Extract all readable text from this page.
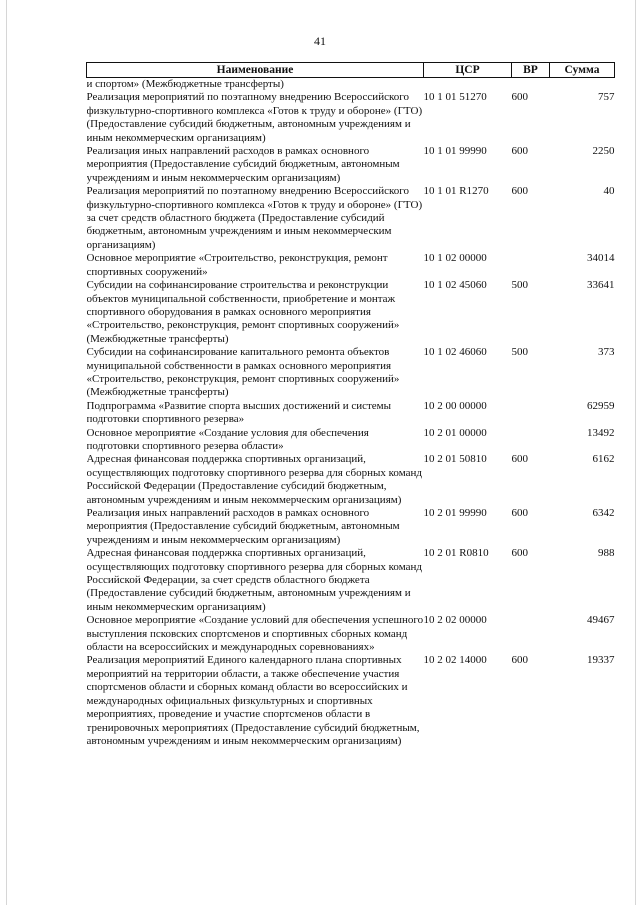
41
Наименование	ЦСР	ВР	Сумма
и спортом» (Межбюджетные трансферты)			
Реализация мероприятий по поэтапному внедрению Всероссийского физкультурно-спортивного комплекса «Готов к труду и обороне» (ГТО) (Предоставление субсидий бюджетным, автономным учреждениям и иным некоммерческим организациям)	10 1 01 51270	600	757
Реализация иных направлений расходов в рамках основного мероприятия (Предоставление субсидий бюджетным, автономным учреждениям и иным некоммерческим организациям)	10 1 01 99990	600	2250
Реализация мероприятий по поэтапному внедрению Всероссийского физкультурно-спортивного комплекса «Готов к труду и обороне» (ГТО) за счет средств областного бюджета (Предоставление субсидий бюджетным, автономным учреждениям и иным некоммерческим организациям)	10 1 01 R1270	600	40
Основное мероприятие «Строительство, реконструкция, ремонт спортивных сооружений»	10 1 02 00000		34014
Субсидии на софинансирование строительства и реконструкции объектов муниципальной собственности, приобретение и монтаж спортивного оборудования в рамках основного мероприятия «Строительство, реконструкция, ремонт спортивных сооружений» (Межбюджетные трансферты)	10 1 02 45060	500	33641
Субсидии на софинансирование капитального ремонта объектов муниципальной собственности в рамках основного мероприятия «Строительство, реконструкция, ремонт спортивных сооружений» (Межбюджетные трансферты)	10 1 02 46060	500	373
Подпрограмма «Развитие спорта высших достижений и системы подготовки спортивного резерва»	10 2 00 00000		62959
Основное мероприятие «Создание условия для обеспечения подготовки спортивного резерва области»	10 2 01 00000		13492
Адресная финансовая поддержка спортивных организаций, осуществляющих подготовку спортивного резерва для сборных команд Российской Федерации (Предоставление субсидий бюджетным, автономным учреждениям и иным некоммерческим организациям)	10 2 01 50810	600	6162
Реализация иных направлений расходов в рамках основного мероприятия (Предоставление субсидий бюджетным, автономным учреждениям и иным некоммерческим организациям)	10 2 01 99990	600	6342
Адресная финансовая поддержка спортивных организаций, осуществляющих подготовку спортивного резерва для сборных команд Российской Федерации, за счет средств областного бюджета (Предоставление субсидий бюджетным, автономным учреждениям и иным некоммерческим организациям)	10 2 01 R0810	600	988
Основное мероприятие «Создание условий для обеспечения успешного выступления псковских спортсменов и спортивных сборных команд области на всероссийских и международных соревнованиях»	10 2 02 00000		49467
Реализация мероприятий Единого календарного плана спортивных мероприятий на территории области, а также обеспечение участия спортсменов области и сборных команд области во всероссийских и международных официальных физкультурных и спортивных мероприятиях, проведение и участие спортсменов области в тренировочных мероприятиях (Предоставление субсидий бюджетным, автономным учреждениям и иным некоммерческим организациям)	10 2 02 14000	600	19337
